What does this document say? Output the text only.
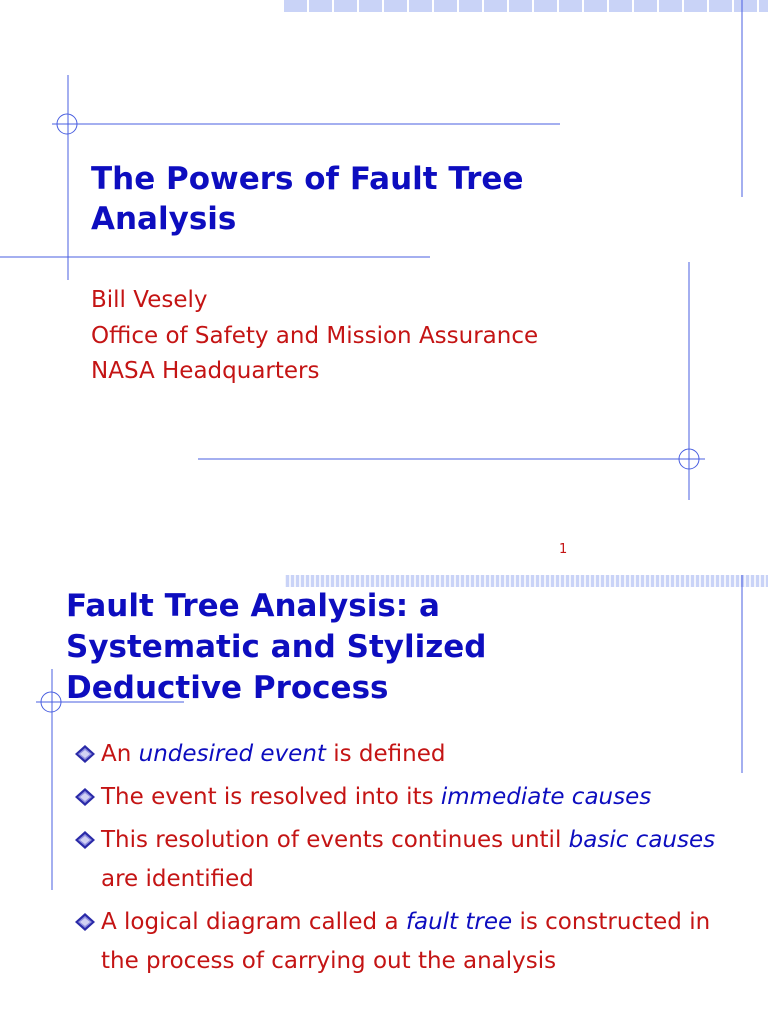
The Powers of Fault Tree Analysis
Bill Vesely
Office of Safety and Mission Assurance
NASA Headquarters
1
Fault Tree Analysis: a
Systematic and Stylized
Deductive Process
An undesired event is defined
The event is resolved into its immediate causes
This resolution of events continues until basic causes are identified
A logical diagram called a fault tree is constructed in the process of carrying out the analysis
